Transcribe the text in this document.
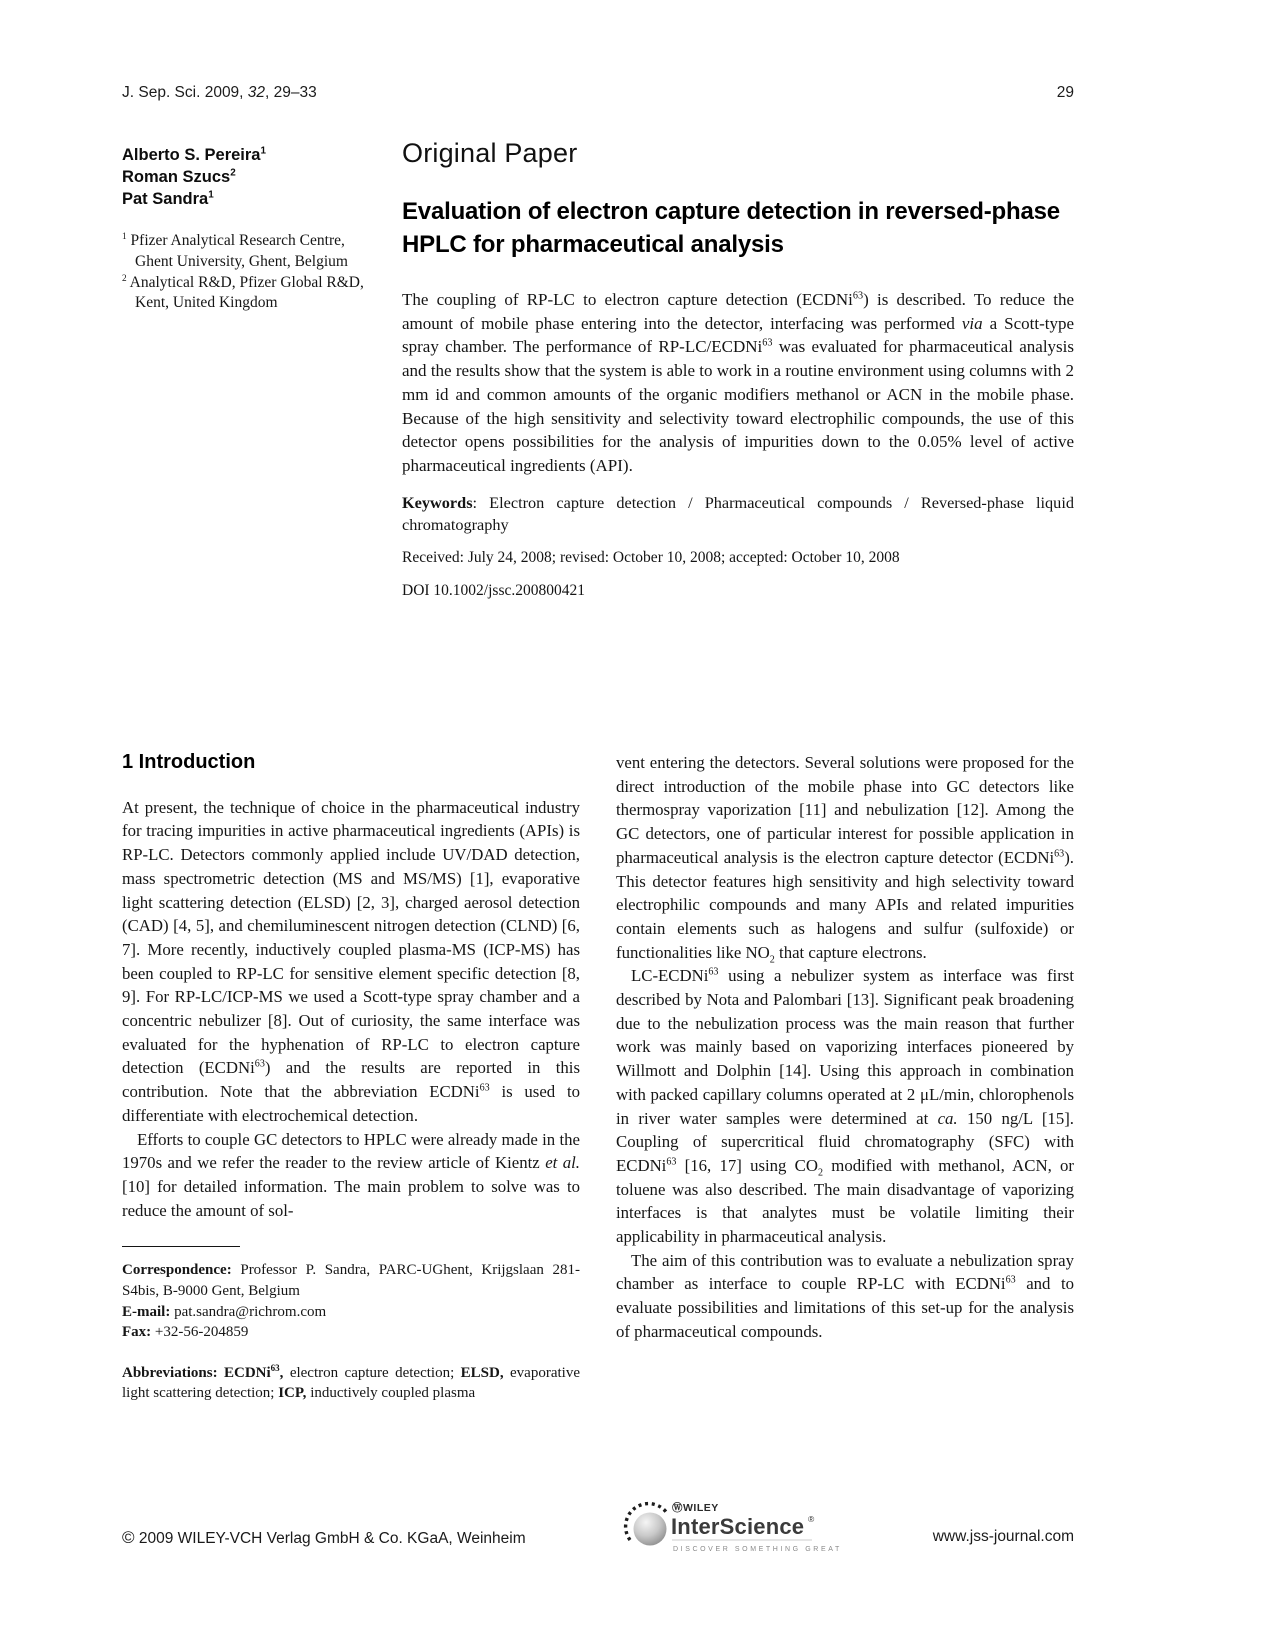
J. Sep. Sci. 2009, 32, 29–33	29
Alberto S. Pereira$^1$
Roman Szucs$^2$
Pat Sandra$^1$
$^1$ Pfizer Analytical Research Centre, Ghent University, Ghent, Belgium
$^2$ Analytical R&D, Pfizer Global R&D, Kent, United Kingdom
Original Paper
Evaluation of electron capture detection in reversed-phase HPLC for pharmaceutical analysis
The coupling of RP-LC to electron capture detection (ECDNi$^{63}$) is described. To reduce the amount of mobile phase entering into the detector, interfacing was performed via a Scott-type spray chamber. The performance of RP-LC/ECDNi$^{63}$ was evaluated for pharmaceutical analysis and the results show that the system is able to work in a routine environment using columns with 2 mm id and common amounts of the organic modifiers methanol or ACN in the mobile phase. Because of the high sensitivity and selectivity toward electrophilic compounds, the use of this detector opens possibilities for the analysis of impurities down to the 0.05% level of active pharmaceutical ingredients (API).
Keywords: Electron capture detection / Pharmaceutical compounds / Reversed-phase liquid chromatography
Received: July 24, 2008; revised: October 10, 2008; accepted: October 10, 2008
DOI 10.1002/jssc.200800421
1 Introduction

At present, the technique of choice in the pharmaceutical industry for tracing impurities in active pharmaceutical ingredients (APIs) is RP-LC. Detectors commonly applied include UV/DAD detection, mass spectrometric detection (MS and MS/MS) [1], evaporative light scattering detection (ELSD) [2, 3], charged aerosol detection (CAD) [4, 5], and chemiluminescent nitrogen detection (CLND) [6, 7]. More recently, inductively coupled plasma-MS (ICP-MS) has been coupled to RP-LC for sensitive element specific detection [8, 9]. For RP-LC/ICP-MS we used a Scott-type spray chamber and a concentric nebulizer [8]. Out of curiosity, the same interface was evaluated for the hyphenation of RP-LC to electron capture detection (ECDNi$^{63}$) and the results are reported in this contribution. Note that the abbreviation ECDNi$^{63}$ is used to differentiate with electrochemical detection.

Efforts to couple GC detectors to HPLC were already made in the 1970s and we refer the reader to the review article of Kientz et al. [10] for detailed information. The main problem to solve was to reduce the amount of sol-

Correspondence: Professor P. Sandra, PARC-UGhent, Krijgslaan 281-S4bis, B-9000 Gent, Belgium
E-mail: pat.sandra@richrom.com
Fax: +32-56-204859
Abbreviations: ECDNi$^{63}$, electron capture detection; ELSD, evaporative light scattering detection; ICP, inductively coupled plasma

vent entering the detectors. Several solutions were proposed for the direct introduction of the mobile phase into GC detectors like thermospray vaporization [11] and nebulization [12]. Among the GC detectors, one of particular interest for possible application in pharmaceutical analysis is the electron capture detector (ECDNi$^{63}$). This detector features high sensitivity and high selectivity toward electrophilic compounds and many APIs and related impurities contain elements such as halogens and sulfur (sulfoxide) or functionalities like $NO_2$ that capture electrons.

LC-ECDNi$^{63}$ using a nebulizer system as interface was first described by Nota and Palombari [13]. Significant peak broadening due to the nebulization process was the main reason that further work was mainly based on vaporizing interfaces pioneered by Willmott and Dolphin [14]. Using this approach in combination with packed capillary columns operated at 2 μL/min, chlorophenols in river water samples were determined at ca. 150 ng/L [15]. Coupling of supercritical fluid chromatography (SFC) with ECDNi$^{63}$ [16, 17] using $CO_2$ modified with methanol, ACN, or toluene was also described. The main disadvantage of vaporizing interfaces is that analytes must be volatile limiting their applicability in pharmaceutical analysis.

The aim of this contribution was to evaluate a nebulization spray chamber as interface to couple RP-LC with ECDNi$^{63}$ and to evaluate possibilities and limitations of this set-up for the analysis of pharmaceutical compounds.

© 2009 WILEY-VCH Verlag GmbH & Co. KGaA, Weinheim
ⓌWILEY
InterScience ®
DISCOVER SOMETHING GREAT
www.jss-journal.com
